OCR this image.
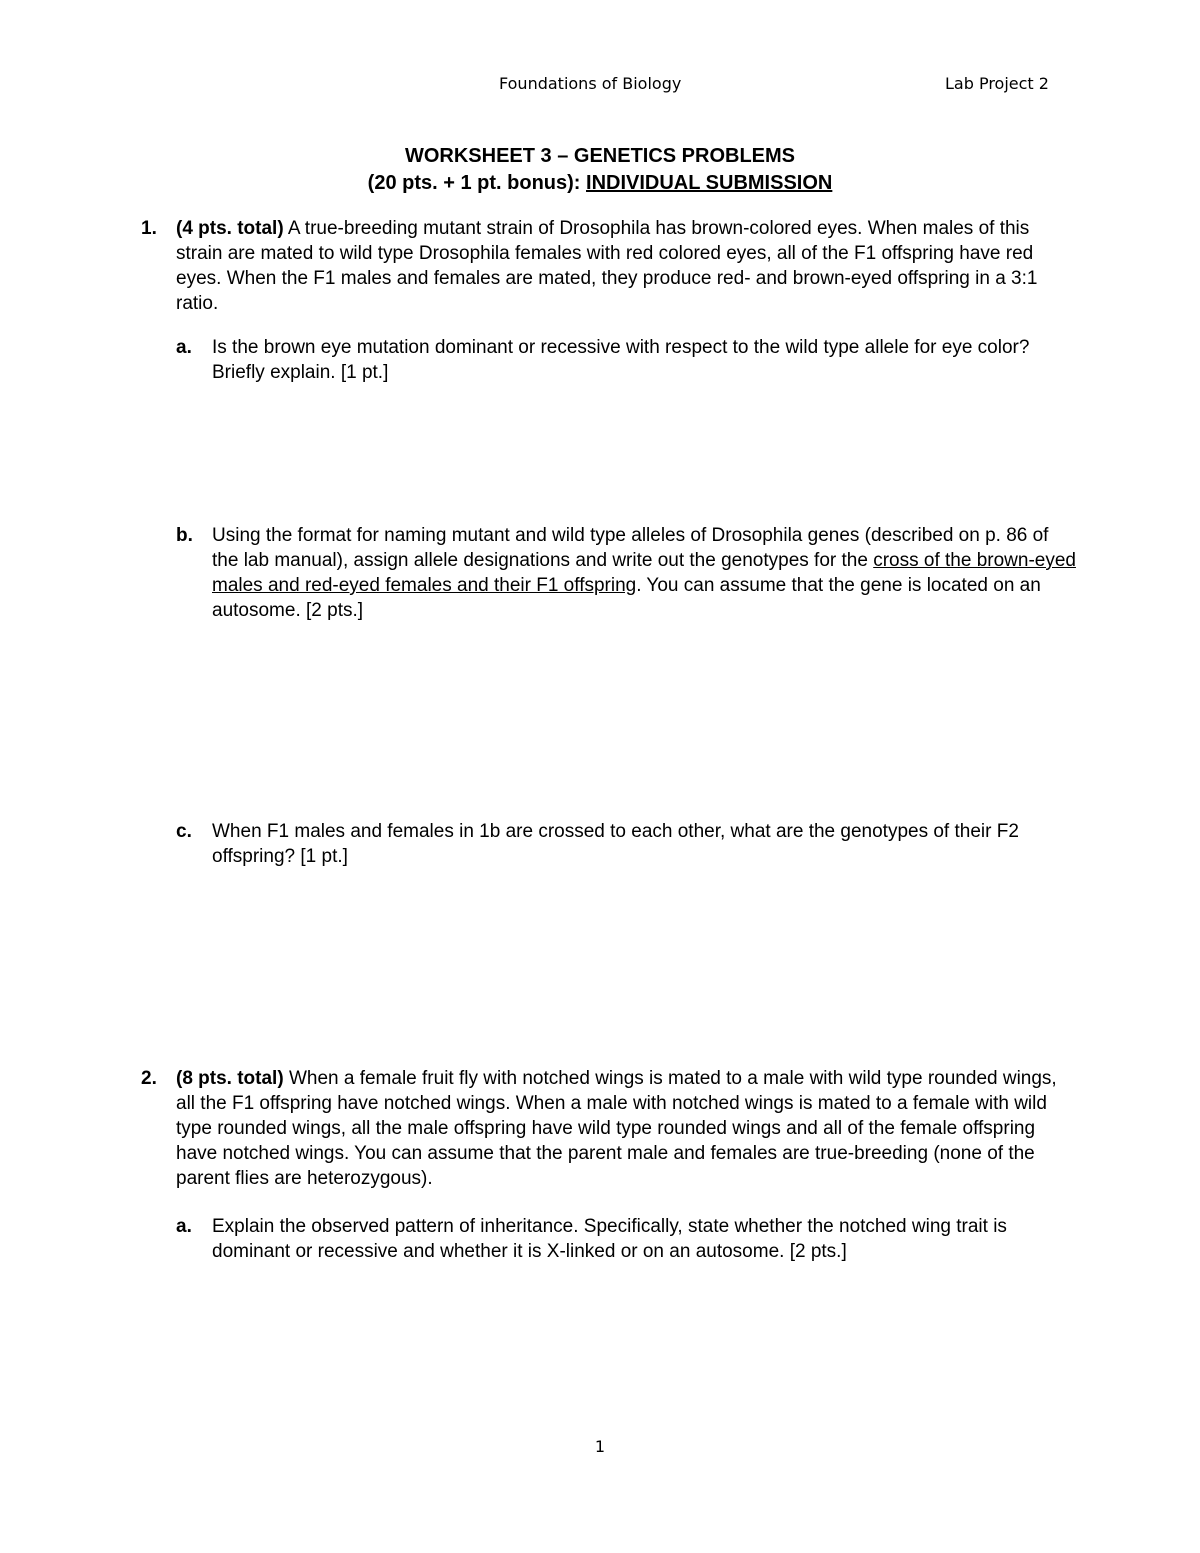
Foundations of Biology	Lab Project 2
WORKSHEET 3 – GENETICS PROBLEMS
(20 pts. + 1 pt. bonus): INDIVIDUAL SUBMISSION
1. (4 pts. total) A true-breeding mutant strain of Drosophila has brown-colored eyes. When males of this strain are mated to wild type Drosophila females with red colored eyes, all of the F1 offspring have red eyes. When the F1 males and females are mated, they produce red- and brown-eyed offspring in a 3:1 ratio.
a. Is the brown eye mutation dominant or recessive with respect to the wild type allele for eye color? Briefly explain. [1 pt.]
b. Using the format for naming mutant and wild type alleles of Drosophila genes (described on p. 86 of the lab manual), assign allele designations and write out the genotypes for the cross of the brown-eyed males and red-eyed females and their F1 offspring. You can assume that the gene is located on an autosome. [2 pts.]
c. When F1 males and females in 1b are crossed to each other, what are the genotypes of their F2 offspring? [1 pt.]
2. (8 pts. total) When a female fruit fly with notched wings is mated to a male with wild type rounded wings, all the F1 offspring have notched wings. When a male with notched wings is mated to a female with wild type rounded wings, all the male offspring have wild type rounded wings and all of the female offspring have notched wings. You can assume that the parent male and females are true-breeding (none of the parent flies are heterozygous).
a. Explain the observed pattern of inheritance. Specifically, state whether the notched wing trait is dominant or recessive and whether it is X-linked or on an autosome. [2 pts.]
1
